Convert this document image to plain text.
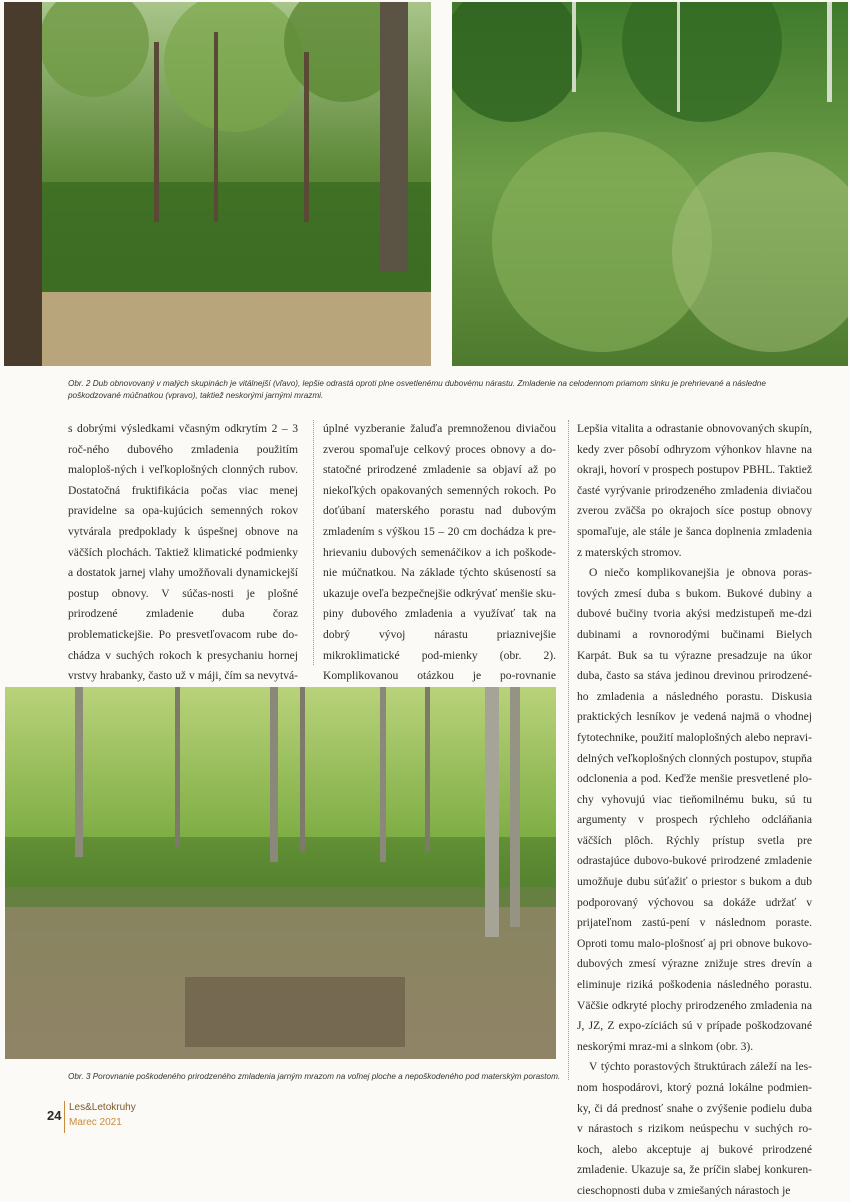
Obr. 2 Dub obnovovaný v malých skupinách je vitálnejší (vľavo), lepšie odrastá oproti plne osvetlenému dubovému nárastu. Zmladenie na celodennom priamom slnku je prehrievané a následne poškodzované múčnatkou (vpravo), taktiež neskorými jarnými mrazmi.

s dobrými výsledkami včasným odkrytím 2 – 3 roč-ného dubového zmladenia použitím maloploš-ných i veľkoplošných clonných rubov. Dostatočná fruktifikácia počas viac menej pravidelne sa opa-kujúcich semenných rokov vytvárala predpoklady k úspešnej obnove na väčších plochách. Taktiež klimatické podmienky a dostatok jarnej vlahy umožňovali dynamickejší postup obnovy. V súčas-nosti je plošné prirodzené zmladenie duba čoraz problematickejšie. Po presvetľovacom rube do-chádza v suchých rokoch k presychaniu hornej vrstvy hrabanky, často už v máji, čím sa nevytvá-

úplné vyzberanie žaluďa premnoženou diviačou zverou spomaľuje celkový proces obnovy a do-statočné prirodzené zmladenie sa objaví až po niekoľkých opakovaných semenných rokoch. Po doťúbaní materského porastu nad dubovým zmladením s výškou 15 – 20 cm dochádza k pre-hrievaniu dubových semenáčikov a ich poškode-nie múčnatkou. Na základe týchto skúseností sa ukazuje oveľa bezpečnejšie odkrývať menšie sku-piny dubového zmladenia a využívať tak na dobrý vývoj nárastu priaznivejšie mikroklimatické pod-mienky (obr. 2). Komplikovanou otázkou je po-rovnanie

Lepšia vitalita a odrastanie obnovovaných skupín, kedy zver pôsobí odhryzom výhonkov hlavne na okraji, hovorí v prospech postupov PBHL. Taktiež časté vyrývanie prirodzeného zmladenia diviačou zverou zväčša po okrajoch síce postup obnovy spomaľuje, ale stále je šanca doplnenia zmladenia z materských stromov.

O niečo komplikovanejšia je obnova poras-tových zmesí duba s bukom. Bukové dubiny a dubové bučiny tvoria akýsi medzistupeň me-dzi dubinami a rovnorodými bučinami Bielych Karpát. Buk sa tu výrazne presadzuje na úkor duba, často sa stáva jedinou drevinou prirodzené-ho zmladenia a následného porastu. Diskusia praktických lesníkov je vedená najmä o vhodnej fytotechnike, použití maloplošných alebo nepravi-delných veľkoplošných clonných postupov, stupňa odclonenia a pod. Keďže menšie presvetlené plo-chy vyhovujú viac tieňomilnému buku, sú tu argumenty v prospech rýchleho odcláňania väčších plôch. Rýchly prístup svetla pre odrastajúce dubovo-bukové prirodzené zmladenie umožňuje dubu súťažiť o priestor s bukom a dub podporovaný výchovou sa dokáže udržať v prijateľnom zastú-pení v následnom poraste. Oproti tomu malo-plošnosť aj pri obnove bukovo-dubových zmesí výrazne znižuje stres drevín a eliminuje riziká poškodenia následného porastu. Väčšie odkryté plochy prirodzeného zmladenia na J, JZ, Z expo-zíciách sú v prípade poškodzované neskorými mraz-mi a slnkom (obr. 3).

V týchto porastových štruktúrach záleží na les-nom hospodárovi, ktorý pozná lokálne podmien-ky, či dá prednosť snahe o zvýšenie podielu duba v nárastoch s rizikom neúspechu v suchých ro-koch, alebo akceptuje aj bukové prirodzené zmladenie. Ukazuje sa, že príčin slabej konkuren-cieschopnosti duba v zmiešaných nárastoch je

Obr. 3 Porovnanie poškodeného prirodzeného zmladenia jarným mrazom na voľnej ploche a nepoškodeného pod materským porastom.
24
Les&Letokruhy
Marec 2021
